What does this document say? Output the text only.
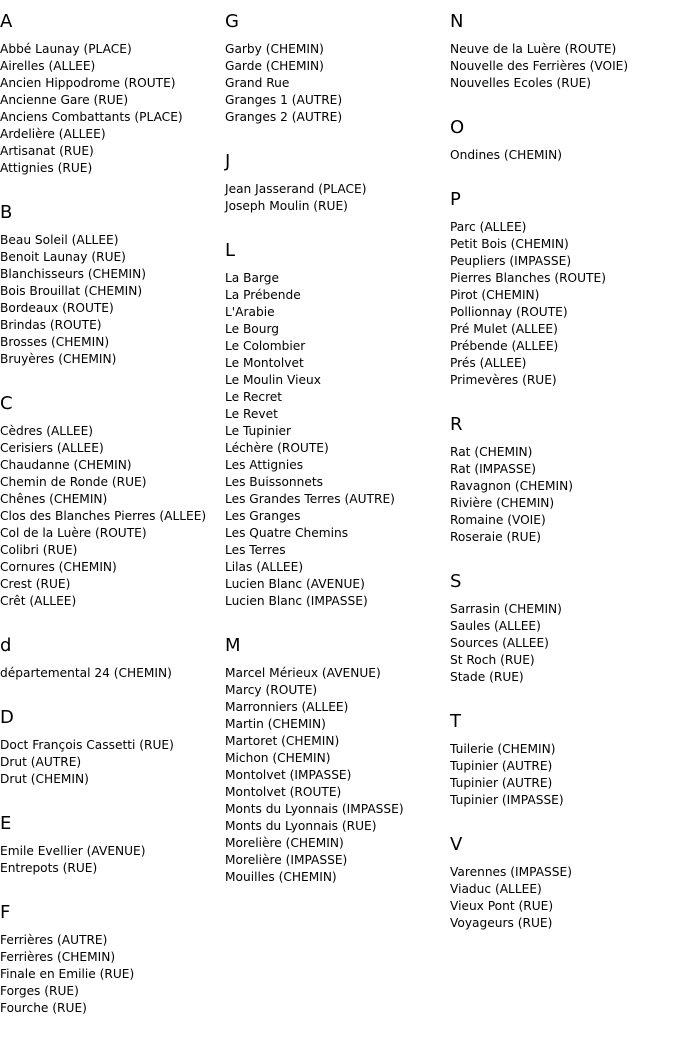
A
Abbé Launay (PLACE)
Airelles (ALLEE)
Ancien Hippodrome (ROUTE)
Ancienne Gare (RUE)
Anciens Combattants (PLACE)
Ardelière (ALLEE)
Artisanat (RUE)
Attignies (RUE)
B
Beau Soleil (ALLEE)
Benoit Launay (RUE)
Blanchisseurs (CHEMIN)
Bois Brouillat (CHEMIN)
Bordeaux (ROUTE)
Brindas (ROUTE)
Brosses (CHEMIN)
Bruyères (CHEMIN)
C
Cèdres (ALLEE)
Cerisiers (ALLEE)
Chaudanne (CHEMIN)
Chemin de Ronde (RUE)
Chênes (CHEMIN)
Clos des Blanches Pierres (ALLEE)
Col de la Luère (ROUTE)
Colibri (RUE)
Cornures (CHEMIN)
Crest (RUE)
Crêt (ALLEE)
d
départemental 24 (CHEMIN)
D
Doct François Cassetti (RUE)
Drut (AUTRE)
Drut (CHEMIN)
E
Emile Evellier (AVENUE)
Entrepots (RUE)
F
Ferrières (AUTRE)
Ferrières (CHEMIN)
Finale en Emilie (RUE)
Forges (RUE)
Fourche (RUE)
G
Garby (CHEMIN)
Garde (CHEMIN)
Grand Rue
Granges 1 (AUTRE)
Granges 2 (AUTRE)
J
Jean Jasserand (PLACE)
Joseph Moulin (RUE)
L
La Barge
La Prébende
L'Arabie
Le Bourg
Le Colombier
Le Montolvet
Le Moulin Vieux
Le Recret
Le Revet
Le Tupinier
Léchère (ROUTE)
Les Attignies
Les Buissonnets
Les Grandes Terres (AUTRE)
Les Granges
Les Quatre Chemins
Les Terres
Lilas (ALLEE)
Lucien Blanc (AVENUE)
Lucien Blanc (IMPASSE)
M
Marcel Mérieux (AVENUE)
Marcy (ROUTE)
Marronniers (ALLEE)
Martin (CHEMIN)
Martoret (CHEMIN)
Michon (CHEMIN)
Montolvet (IMPASSE)
Montolvet (ROUTE)
Monts du Lyonnais (IMPASSE)
Monts du Lyonnais (RUE)
Morelière (CHEMIN)
Morelière (IMPASSE)
Mouilles (CHEMIN)
N
Neuve de la Luère (ROUTE)
Nouvelle des Ferrières (VOIE)
Nouvelles Ecoles (RUE)
O
Ondines (CHEMIN)
P
Parc (ALLEE)
Petit Bois (CHEMIN)
Peupliers (IMPASSE)
Pierres Blanches (ROUTE)
Pirot (CHEMIN)
Pollionnay (ROUTE)
Pré Mulet (ALLEE)
Prébende (ALLEE)
Prés (ALLEE)
Primevères (RUE)
R
Rat (CHEMIN)
Rat (IMPASSE)
Ravagnon (CHEMIN)
Rivière (CHEMIN)
Romaine (VOIE)
Roseraie (RUE)
S
Sarrasin (CHEMIN)
Saules (ALLEE)
Sources (ALLEE)
St Roch (RUE)
Stade (RUE)
T
Tuilerie (CHEMIN)
Tupinier (AUTRE)
Tupinier (AUTRE)
Tupinier (IMPASSE)
V
Varennes (IMPASSE)
Viaduc (ALLEE)
Vieux Pont (RUE)
Voyageurs (RUE)
